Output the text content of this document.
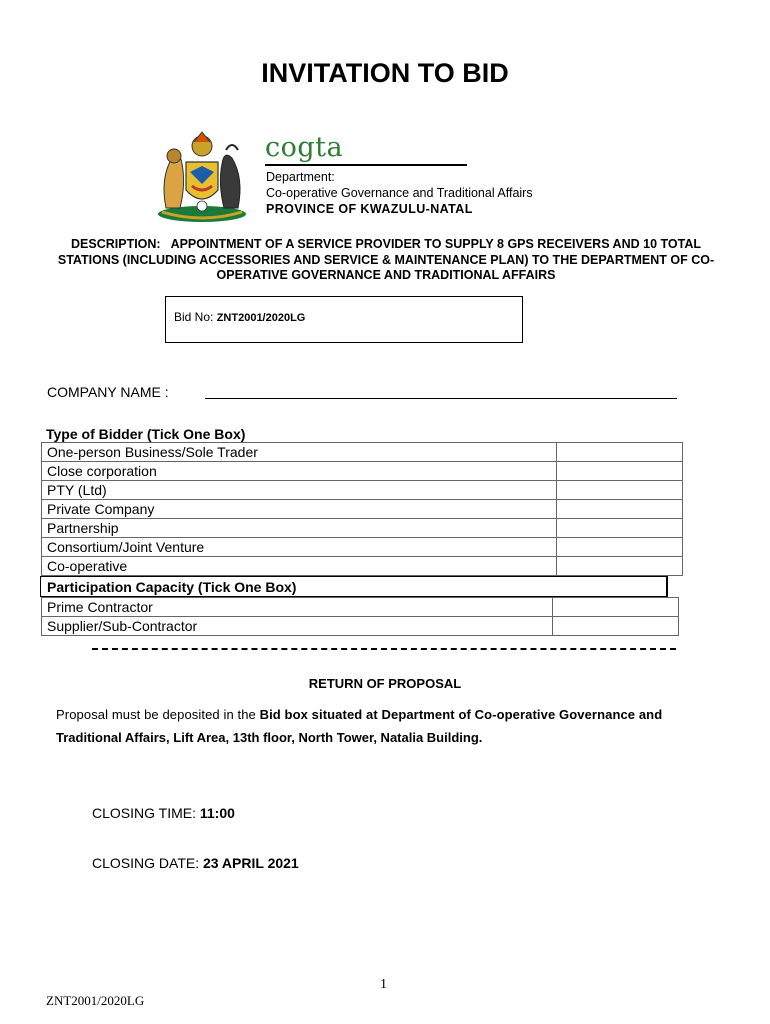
INVITATION TO BID
cogta
Department:
Co-operative Governance and Traditional Affairs
PROVINCE OF KWAZULU-NATAL
DESCRIPTION: APPOINTMENT OF A SERVICE PROVIDER TO SUPPLY 8 GPS RECEIVERS AND 10 TOTAL STATIONS (INCLUDING ACCESSORIES AND SERVICE & MAINTENANCE PLAN) TO THE DEPARTMENT OF CO-OPERATIVE GOVERNANCE AND TRADITIONAL AFFAIRS
Bid No: ZNT2001/2020LG
COMPANY NAME :
Type of Bidder (Tick One Box)
One-person Business/Sole Trader	
Close corporation	
PTY (Ltd)	
Private Company	
Partnership	
Consortium/Joint Venture	
Co-operative	
Participation Capacity (Tick One Box)
Prime Contractor	
Supplier/Sub-Contractor	
RETURN OF PROPOSAL
Proposal must be deposited in the Bid box situated at Department of Co-operative Governance and
Traditional Affairs, Lift Area, 13th floor, North Tower, Natalia Building.
CLOSING TIME: 11:00
CLOSING DATE: 23 APRIL 2021
1
ZNT2001/2020LG
